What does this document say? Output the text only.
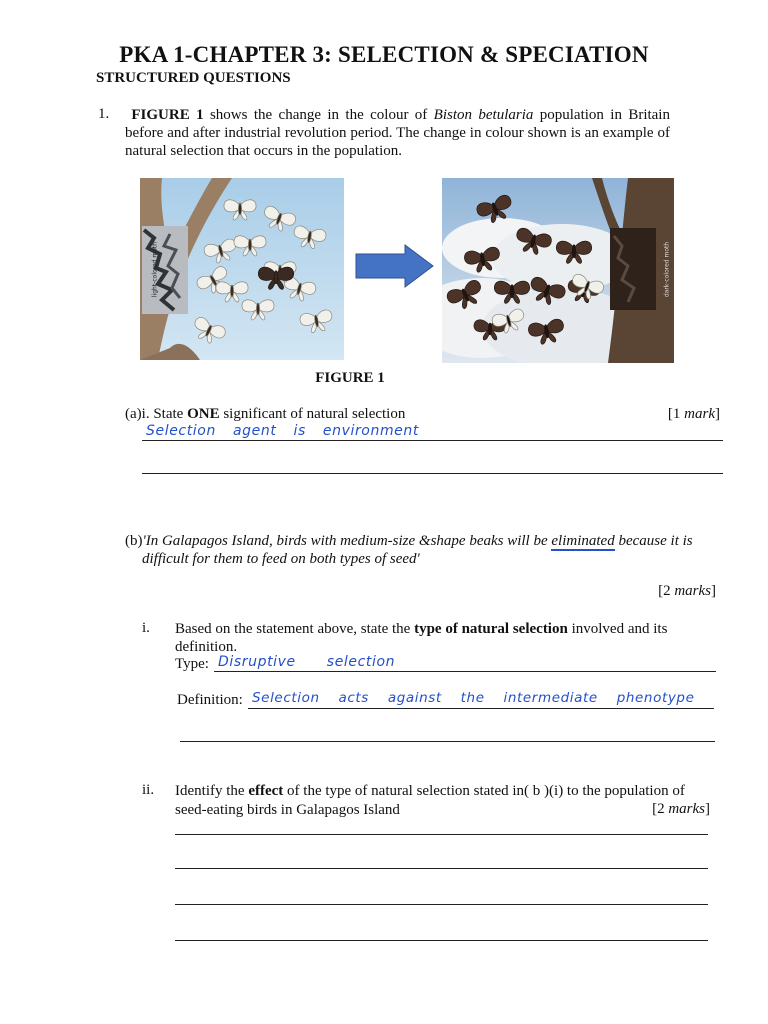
PKA 1-CHAPTER 3: SELECTION & SPECIATION
STRUCTURED QUESTIONS
1.	FIGURE 1 shows the change in the colour of Biston betularia population in Britain before and after industrial revolution period. The change in colour shown is an example of natural selection that occurs in the population.
light-colored moth	dark-colored moth
FIGURE 1
(a)i. State ONE significant of natural selection	[1 mark]
Selection agent is environment
(b)'In Galapagos Island, birds with medium-size &shape beaks will be eliminated because it is
difficult for them to feed on both types of seed'
[2 marks]
i. Based on the statement above, state the type of natural selection involved and its definition.
Type: Disruptive selection
Definition: Selection acts against the intermediate phenotype
ii. Identify the effect of the type of natural selection stated in( b )(i) to the population of seed-eating birds in Galapagos Island	[2 marks]
